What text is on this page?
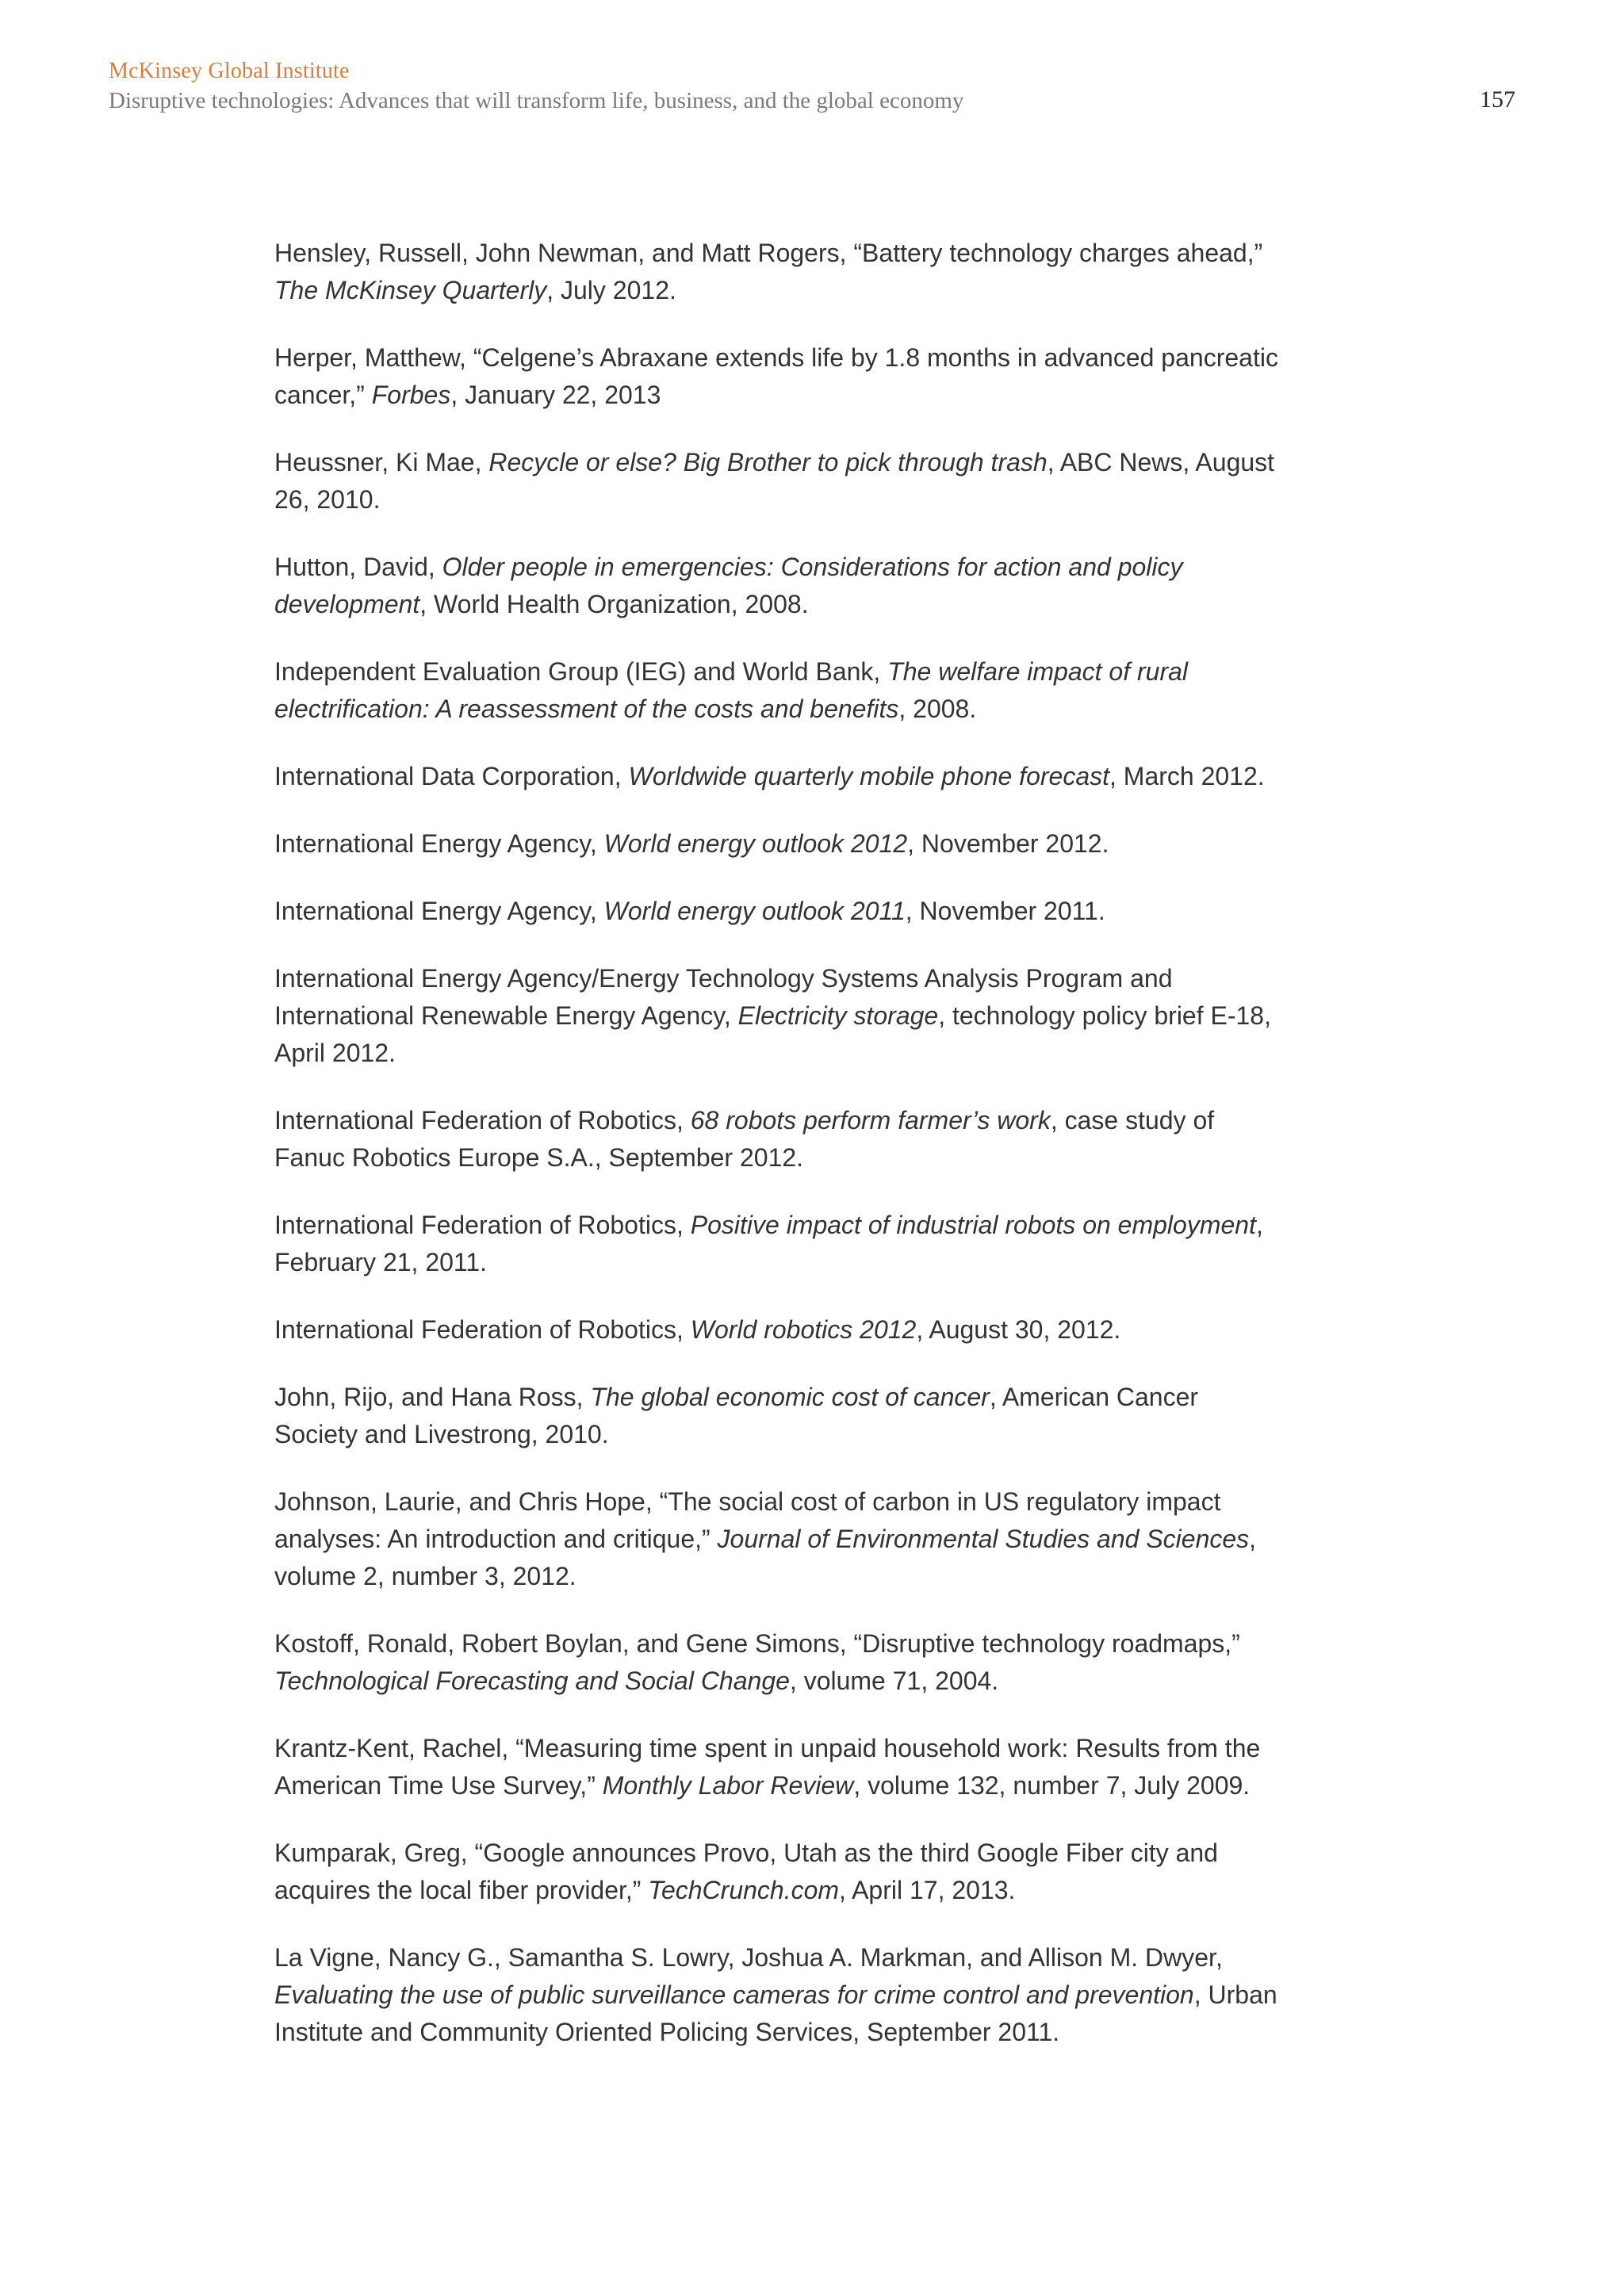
McKinsey Global Institute
Disruptive technologies: Advances that will transform life, business, and the global economy	157

Hensley, Russell, John Newman, and Matt Rogers, “Battery technology charges ahead,” The McKinsey Quarterly, July 2012.

Herper, Matthew, “Celgene’s Abraxane extends life by 1.8 months in advanced pancreatic cancer,” Forbes, January 22, 2013

Heussner, Ki Mae, Recycle or else? Big Brother to pick through trash, ABC News, August 26, 2010.

Hutton, David, Older people in emergencies: Considerations for action and policy development, World Health Organization, 2008.

Independent Evaluation Group (IEG) and World Bank, The welfare impact of rural electrification: A reassessment of the costs and benefits, 2008.

International Data Corporation, Worldwide quarterly mobile phone forecast, March 2012.

International Energy Agency, World energy outlook 2012, November 2012.

International Energy Agency, World energy outlook 2011, November 2011.

International Energy Agency/Energy Technology Systems Analysis Program and International Renewable Energy Agency, Electricity storage, technology policy brief E-18, April 2012.

International Federation of Robotics, 68 robots perform farmer’s work, case study of Fanuc Robotics Europe S.A., September 2012.

International Federation of Robotics, Positive impact of industrial robots on employment, February 21, 2011.

International Federation of Robotics, World robotics 2012, August 30, 2012.

John, Rijo, and Hana Ross, The global economic cost of cancer, American Cancer Society and Livestrong, 2010.

Johnson, Laurie, and Chris Hope, “The social cost of carbon in US regulatory impact analyses: An introduction and critique,” Journal of Environmental Studies and Sciences, volume 2, number 3, 2012.

Kostoff, Ronald, Robert Boylan, and Gene Simons, “Disruptive technology roadmaps,” Technological Forecasting and Social Change, volume 71, 2004.

Krantz-Kent, Rachel, “Measuring time spent in unpaid household work: Results from the American Time Use Survey,” Monthly Labor Review, volume 132, number 7, July 2009.

Kumparak, Greg, “Google announces Provo, Utah as the third Google Fiber city and acquires the local fiber provider,” TechCrunch.com, April 17, 2013.

La Vigne, Nancy G., Samantha S. Lowry, Joshua A. Markman, and Allison M. Dwyer, Evaluating the use of public surveillance cameras for crime control and prevention, Urban Institute and Community Oriented Policing Services, September 2011.
